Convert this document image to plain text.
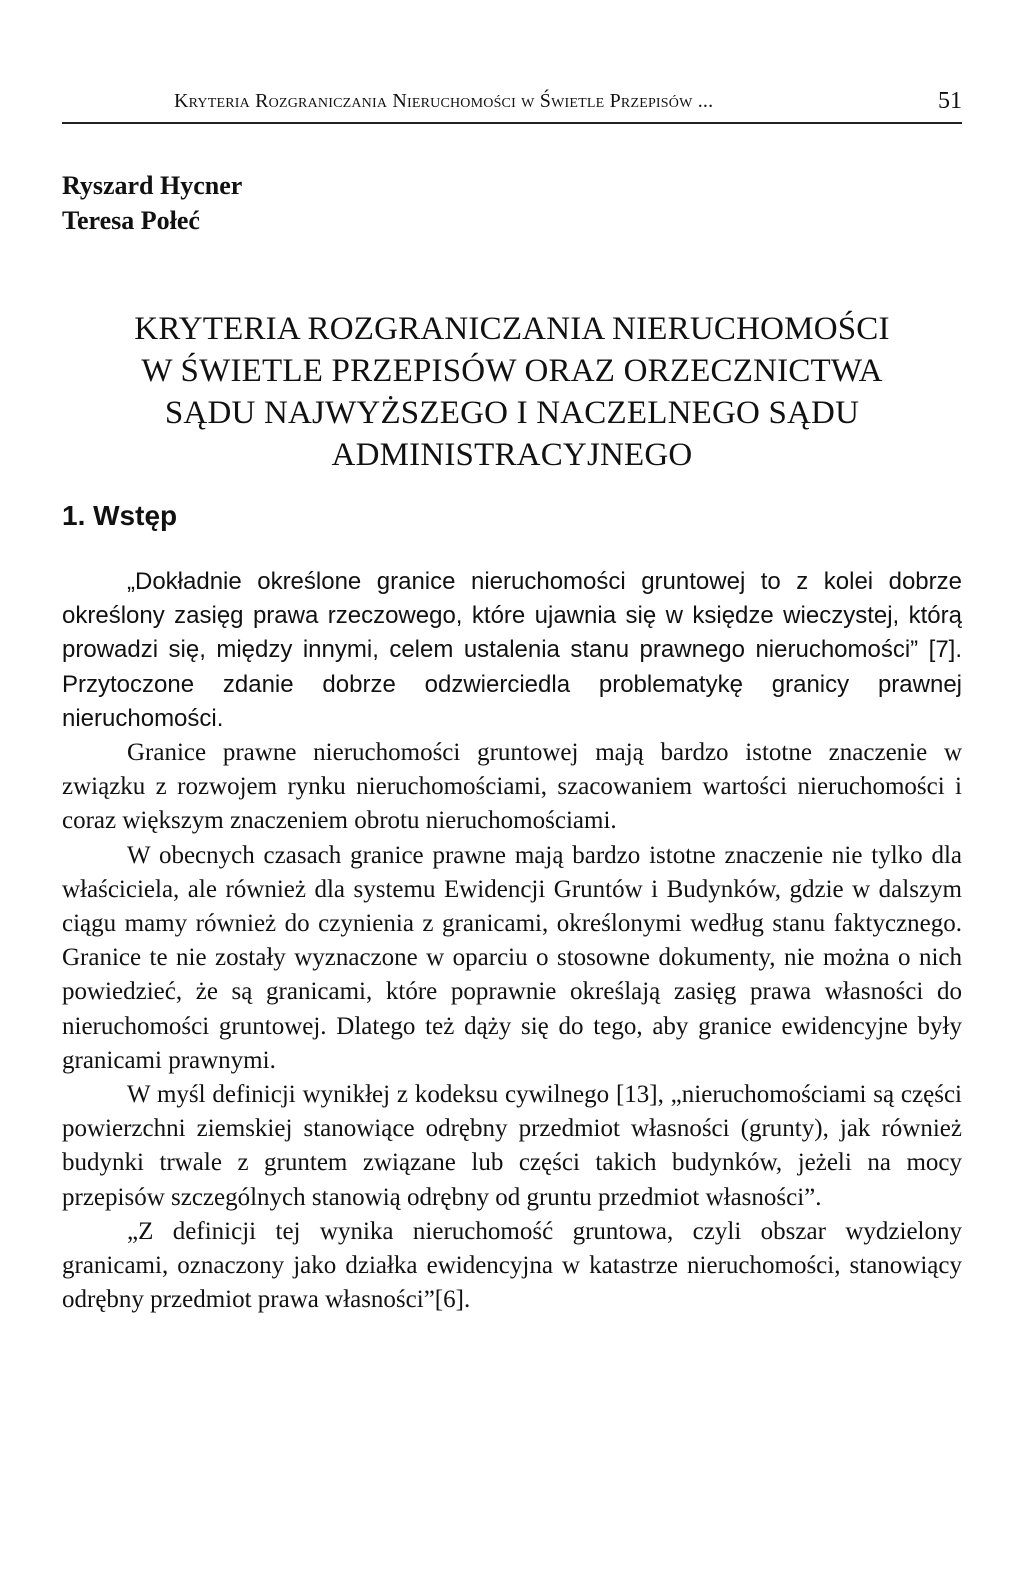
Kryteria Rozgraniczania Nieruchomości w Świetle Przepisów ...	51
Ryszard Hycner
Teresa Połeć
KRYTERIA ROZGRANICZANIA NIERUCHOMOŚCI
W ŚWIETLE PRZEPISÓW ORAZ ORZECZNICTWA
SĄDU NAJWYŻSZEGO I NACZELNEGO SĄDU
ADMINISTRACYJNEGO
1. Wstęp

„Dokładnie określone granice nieruchomości gruntowej to z kolei dobrze określony zasięg prawa rzeczowego, które ujawnia się w księdze wieczystej, którą prowadzi się, między innymi, celem ustalenia stanu prawnego nieruchomości” [7]. Przytoczone zdanie dobrze odzwierciedla problematykę granicy prawnej nieruchomości.

Granice prawne nieruchomości gruntowej mają bardzo istotne znaczenie w związku z rozwojem rynku nieruchomościami, szacowaniem wartości nieruchomości i coraz większym znaczeniem obrotu nieruchomościami.

W obecnych czasach granice prawne mają bardzo istotne znaczenie nie tylko dla właściciela, ale również dla systemu Ewidencji Gruntów i Budynków, gdzie w dalszym ciągu mamy również do czynienia z granicami, określonymi według stanu faktycznego. Granice te nie zostały wyznaczone w oparciu o stosowne dokumenty, nie można o nich powiedzieć, że są granicami, które poprawnie określają zasięg prawa własności do nieruchomości gruntowej. Dlatego też dąży się do tego, aby granice ewidencyjne były granicami prawnymi.

W myśl definicji wynikłej z kodeksu cywilnego [13], „nieruchomościami są części powierzchni ziemskiej stanowiące odrębny przedmiot własności (grunty), jak również budynki trwale z gruntem związane lub części takich budynków, jeżeli na mocy przepisów szczególnych stanowią odrębny od gruntu przedmiot własności”.

„Z definicji tej wynika nieruchomość gruntowa, czyli obszar wydzielony granicami, oznaczony jako działka ewidencyjna w katastrze nieruchomości, stanowiący odrębny przedmiot prawa własności”[6].
